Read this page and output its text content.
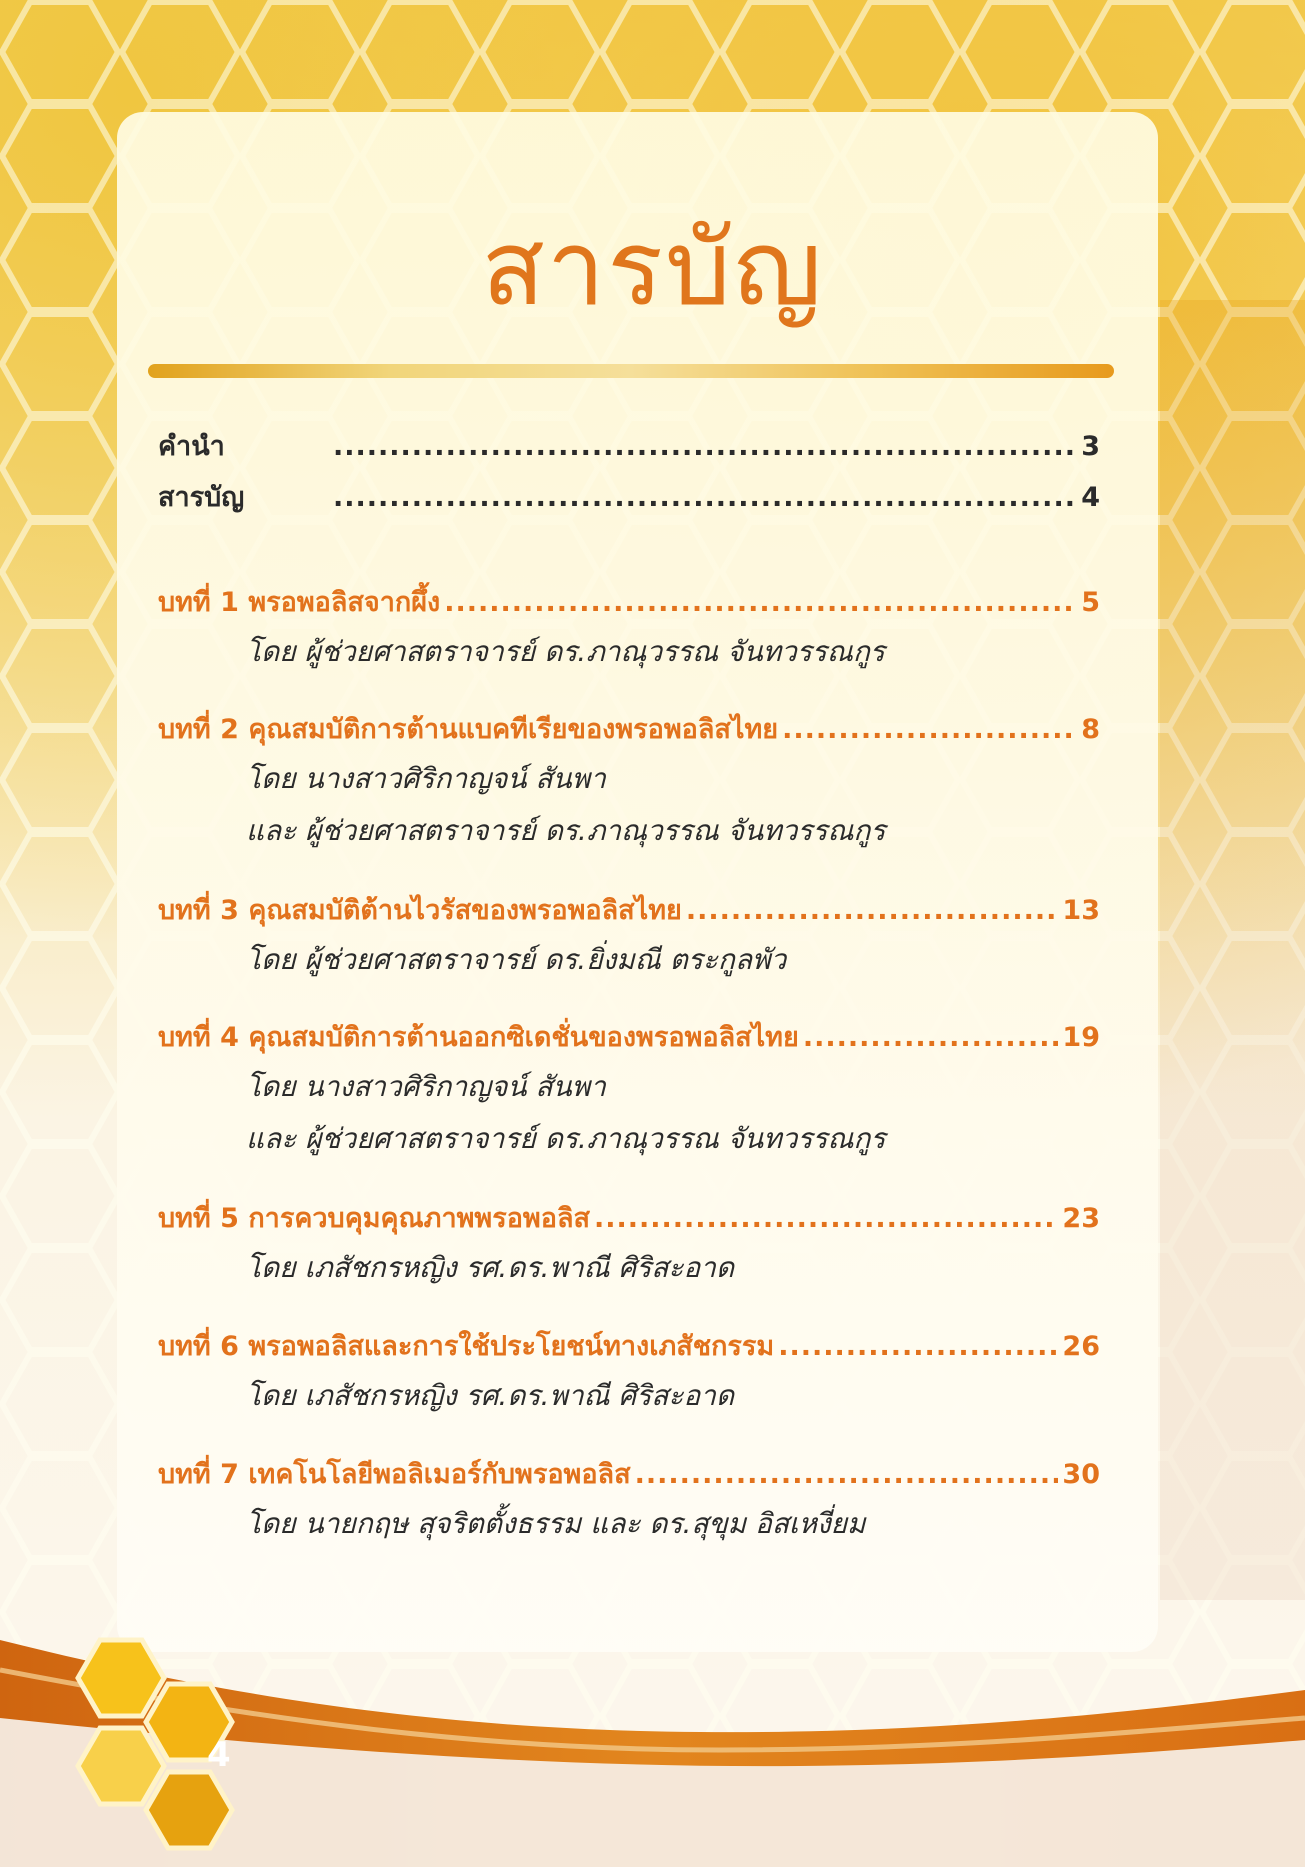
สารบัญ
คำนำ .....	3
สารบัญ .....	4
บทที่ 1 พรอพอลิสจากผึ้ง .....	5
โดย ผู้ช่วยศาสตราจารย์ ดร.ภาณุวรรณ จันทวรรณกูร
บทที่ 2 คุณสมบัติการต้านแบคทีเรียของพรอพอลิสไทย .....	8
โดย นางสาวศิริกาญจน์ สันพา
และ ผู้ช่วยศาสตราจารย์ ดร.ภาณุวรรณ จันทวรรณกูร
บทที่ 3 คุณสมบัติต้านไวรัสของพรอพอลิสไทย .....	13
โดย ผู้ช่วยศาสตราจารย์ ดร.ยิ่งมณี ตระกูลพัว
บทที่ 4 คุณสมบัติการต้านออกซิเดชั่นของพรอพอลิสไทย .....	19
โดย นางสาวศิริกาญจน์ สันพา
และ ผู้ช่วยศาสตราจารย์ ดร.ภาณุวรรณ จันทวรรณกูร
บทที่ 5 การควบคุมคุณภาพพรอพอลิส .....	23
โดย เภสัชกรหญิง รศ.ดร.พาณี ศิริสะอาด
บทที่ 6 พรอพอลิสและการใช้ประโยชน์ทางเภสัชกรรม .....	26
โดย เภสัชกรหญิง รศ.ดร.พาณี ศิริสะอาด
บทที่ 7 เทคโนโลยีพอลิเมอร์กับพรอพอลิส .....	30
โดย นายกฤษ สุจริตตั้งธรรม และ ดร.สุขุม อิสเหงี่ยม
4
